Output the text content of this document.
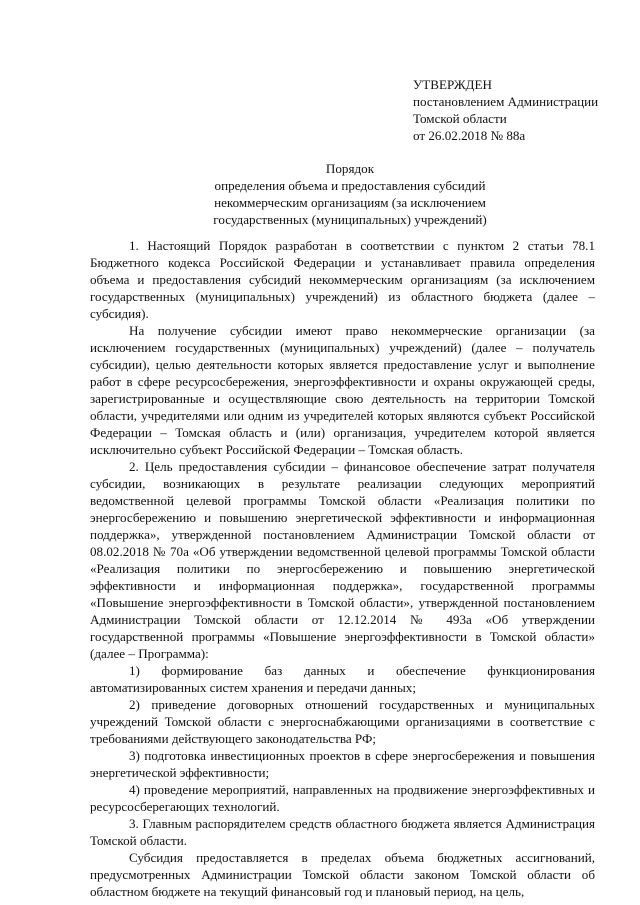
УТВЕРЖДЕН
постановлением Администрации
Томской области
от 26.02.2018 № 88а
Порядок
определения объема и предоставления субсидий
некоммерческим организациям (за исключением
государственных (муниципальных) учреждений)

1. Настоящий Порядок разработан в соответствии с пунктом 2 статьи 78.1 Бюджетного кодекса Российской Федерации и устанавливает правила определения объема и предоставления субсидий некоммерческим организациям (за исключением государственных (муниципальных) учреждений) из областного бюджета (далее – субсидия).

На получение субсидии имеют право некоммерческие организации (за исключением государственных (муниципальных) учреждений) (далее – получатель субсидии), целью деятельности которых является предоставление услуг и выполнение работ в сфере ресурсосбережения, энергоэффективности и охраны окружающей среды, зарегистрированные и осуществляющие свою деятельность на территории Томской области, учредителями или одним из учредителей которых являются субъект Российской Федерации – Томская область и (или) организация, учредителем которой является исключительно субъект Российской Федерации – Томская область.

2. Цель предоставления субсидии – финансовое обеспечение затрат получателя субсидии, возникающих в результате реализации следующих мероприятий ведомственной целевой программы Томской области «Реализация политики по энергосбережению и повышению энергетической эффективности и информационная поддержка», утвержденной постановлением Администрации Томской области от 08.02.2018 № 70а «Об утверждении ведомственной целевой программы Томской области «Реализация политики по энергосбережению и повышению энергетической эффективности и информационная поддержка», государственной программы «Повышение энергоэффективности в Томской области», утвержденной постановлением Администрации Томской области от 12.12.2014 № 493а «Об утверждении государственной программы «Повышение энергоэффективности в Томской области» (далее – Программа):

1) формирование баз данных и обеспечение функционирования автоматизированных систем хранения и передачи данных;

2) приведение договорных отношений государственных и муниципальных учреждений Томской области с энергоснабжающими организациями в соответствие с требованиями действующего законодательства РФ;

3) подготовка инвестиционных проектов в сфере энергосбережения и повышения энергетической эффективности;

4) проведение мероприятий, направленных на продвижение энергоэффективных и ресурсосберегающих технологий.

3. Главным распорядителем средств областного бюджета является Администрация Томской области.

Субсидия предоставляется в пределах объема бюджетных ассигнований, предусмотренных Администрации Томской области законом Томской области об областном бюджете на текущий финансовый год и плановый период, на цель,
